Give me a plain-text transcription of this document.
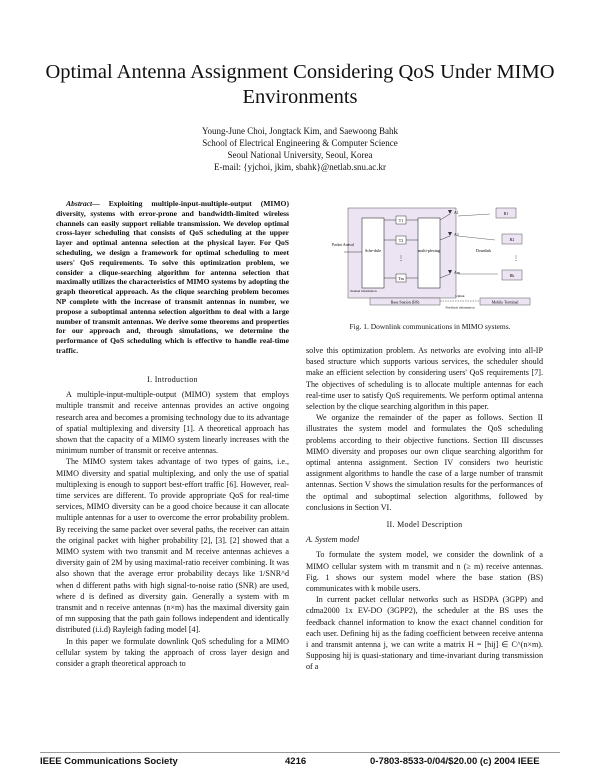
Optimal Antenna Assignment Considering QoS Under MIMO Environments
Young-June Choi, Jongtack Kim, and Saewoong Bahk
School of Electrical Engineering & Computer Science
Seoul National University, Seoul, Korea
E-mail: {yjchoi, jkim, sbahk}@netlab.snu.ac.kr

Abstract— Exploiting multiple-input-multiple-output (MIMO) diversity, systems with error-prone and bandwidth-limited wireless channels can easily support reliable transmission. We develop optimal cross-layer scheduling that consists of QoS scheduling at the upper layer and optimal antenna selection at the physical layer. For QoS scheduling, we design a framework for optimal scheduling to meet users' QoS requirements. To solve this optimization problem, we consider a clique-searching algorithm for antenna selection that maximally utilizes the characteristics of MIMO systems by adopting the graph theoretical approach. As the clique searching problem becomes NP complete with the increase of transmit antennas in number, we propose a suboptimal antenna selection algorithm to deal with a large number of transmit antennas. We derive some theorems and properties for our approach and, through simulations, we determine the performance of QoS scheduling which is effective to handle real-time traffic.

I. Introduction

A multiple-input-multiple-output (MIMO) system that employs multiple transmit and receive antennas provides an active ongoing research area and becomes a promising technology due to its advantage of spatial multiplexing and diversity [1]. A theoretical approach has shown that the capacity of a MIMO system linearly increases with the minimum number of transmit or receive antennas.

The MIMO system takes advantage of two types of gains, i.e., MIMO diversity and spatial multiplexing, and only the use of spatial multiplexing is enough to support best-effort traffic [6]. However, real-time services are different. To provide appropriate QoS for real-time services, MIMO diversity can be a good choice because it can allocate multiple antennas for a user to overcome the error probability problem. By receiving the same packet over several paths, the receiver can attain the original packet with higher probability [2], [3]. [2] showed that a MIMO system with two transmit and M receive antennas achieves a diversity gain of 2M by using maximal-ratio receiver combining. It was also shown that the average error probability decays like 1/SNR^d when d different paths with high signal-to-noise ratio (SNR) are used, where d is defined as diversity gain. Generally a system with m transmit and n receive antennas (n×m) has the maximal diversity gain of mn supposing that the path gain follows independent and identically distributed (i.i.d) Rayleigh fading model [4].

In this paper we formulate downlink QoS scheduling for a MIMO cellular system by taking the approach of cross layer design and consider a graph theoretical approach to

Sche-dule
T1
T2
Tm
⋮
multi-plexing
Packet Arrival
channel information
A1
A2
Am
Downlink
R1
R2
Rk
⋮
Base Station (BS)	Mobile Terminal
Uplink
Feedback information
Fig. 1. Downlink communications in MIMO systems.

solve this optimization problem. As networks are evolving into all-IP based structure which supports various services, the scheduler should make an efficient selection by considering users' QoS requirements [7]. The objectives of scheduling is to allocate multiple antennas for each real-time user to satisfy QoS requirements. We perform optimal antenna selection by the clique searching algorithm in this paper.

We organize the remainder of the paper as follows. Section II illustrates the system model and formulates the QoS scheduling problems according to their objective functions. Section III discusses MIMO diversity and proposes our own clique searching algorithm for optimal antenna assignment. Section IV considers two heuristic assignment algorithms to handle the case of a large number of transmit antennas. Section V shows the simulation results for the performances of the optimal and suboptimal selection algorithms, followed by conclusions in Section VI.

II. Model Description
A. System model

To formulate the system model, we consider the downlink of a MIMO cellular system with m transmit and n (≥ m) receive antennas. Fig. 1 shows our system model where the base station (BS) communicates with k mobile users.

In current packet cellular networks such as HSDPA (3GPP) and cdma2000 1x EV-DO (3GPP2), the scheduler at the BS uses the feedback channel information to know the exact channel condition for each user. Defining hij as the fading coefficient between receive antenna i and transmit antenna j, we can write a matrix H = [hij] ∈ C^(n×m). Supposing hij is quasi-stationary and time-invariant during transmission of a

IEEE Communications Society	4216	0-7803-8533-0/04/$20.00 (c) 2004 IEEE
